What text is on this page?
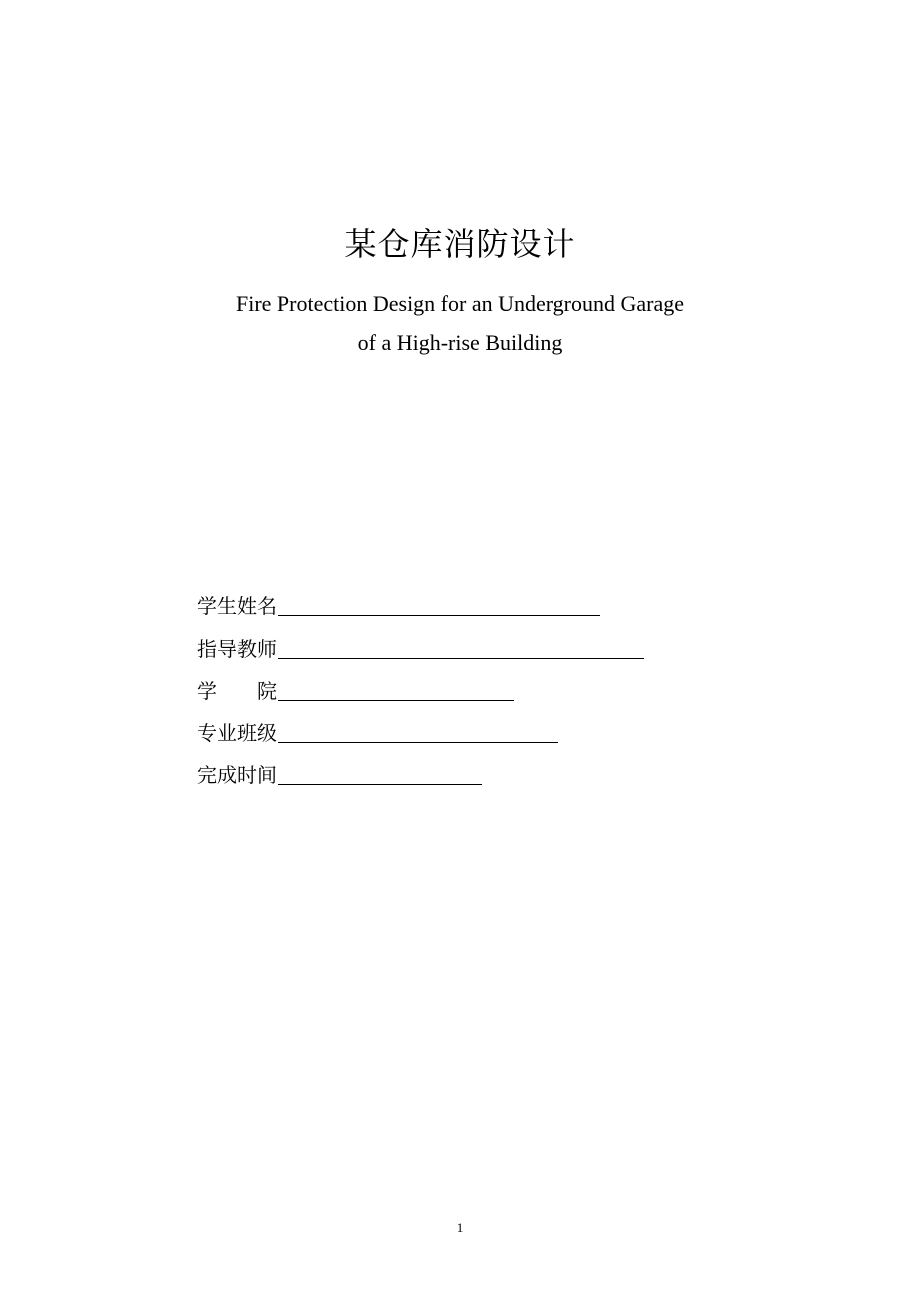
某仓库消防设计
Fire Protection Design for an Underground Garage
of a High-rise Building
学生姓名
指导教师
学　　院
专业班级
完成时间
1
